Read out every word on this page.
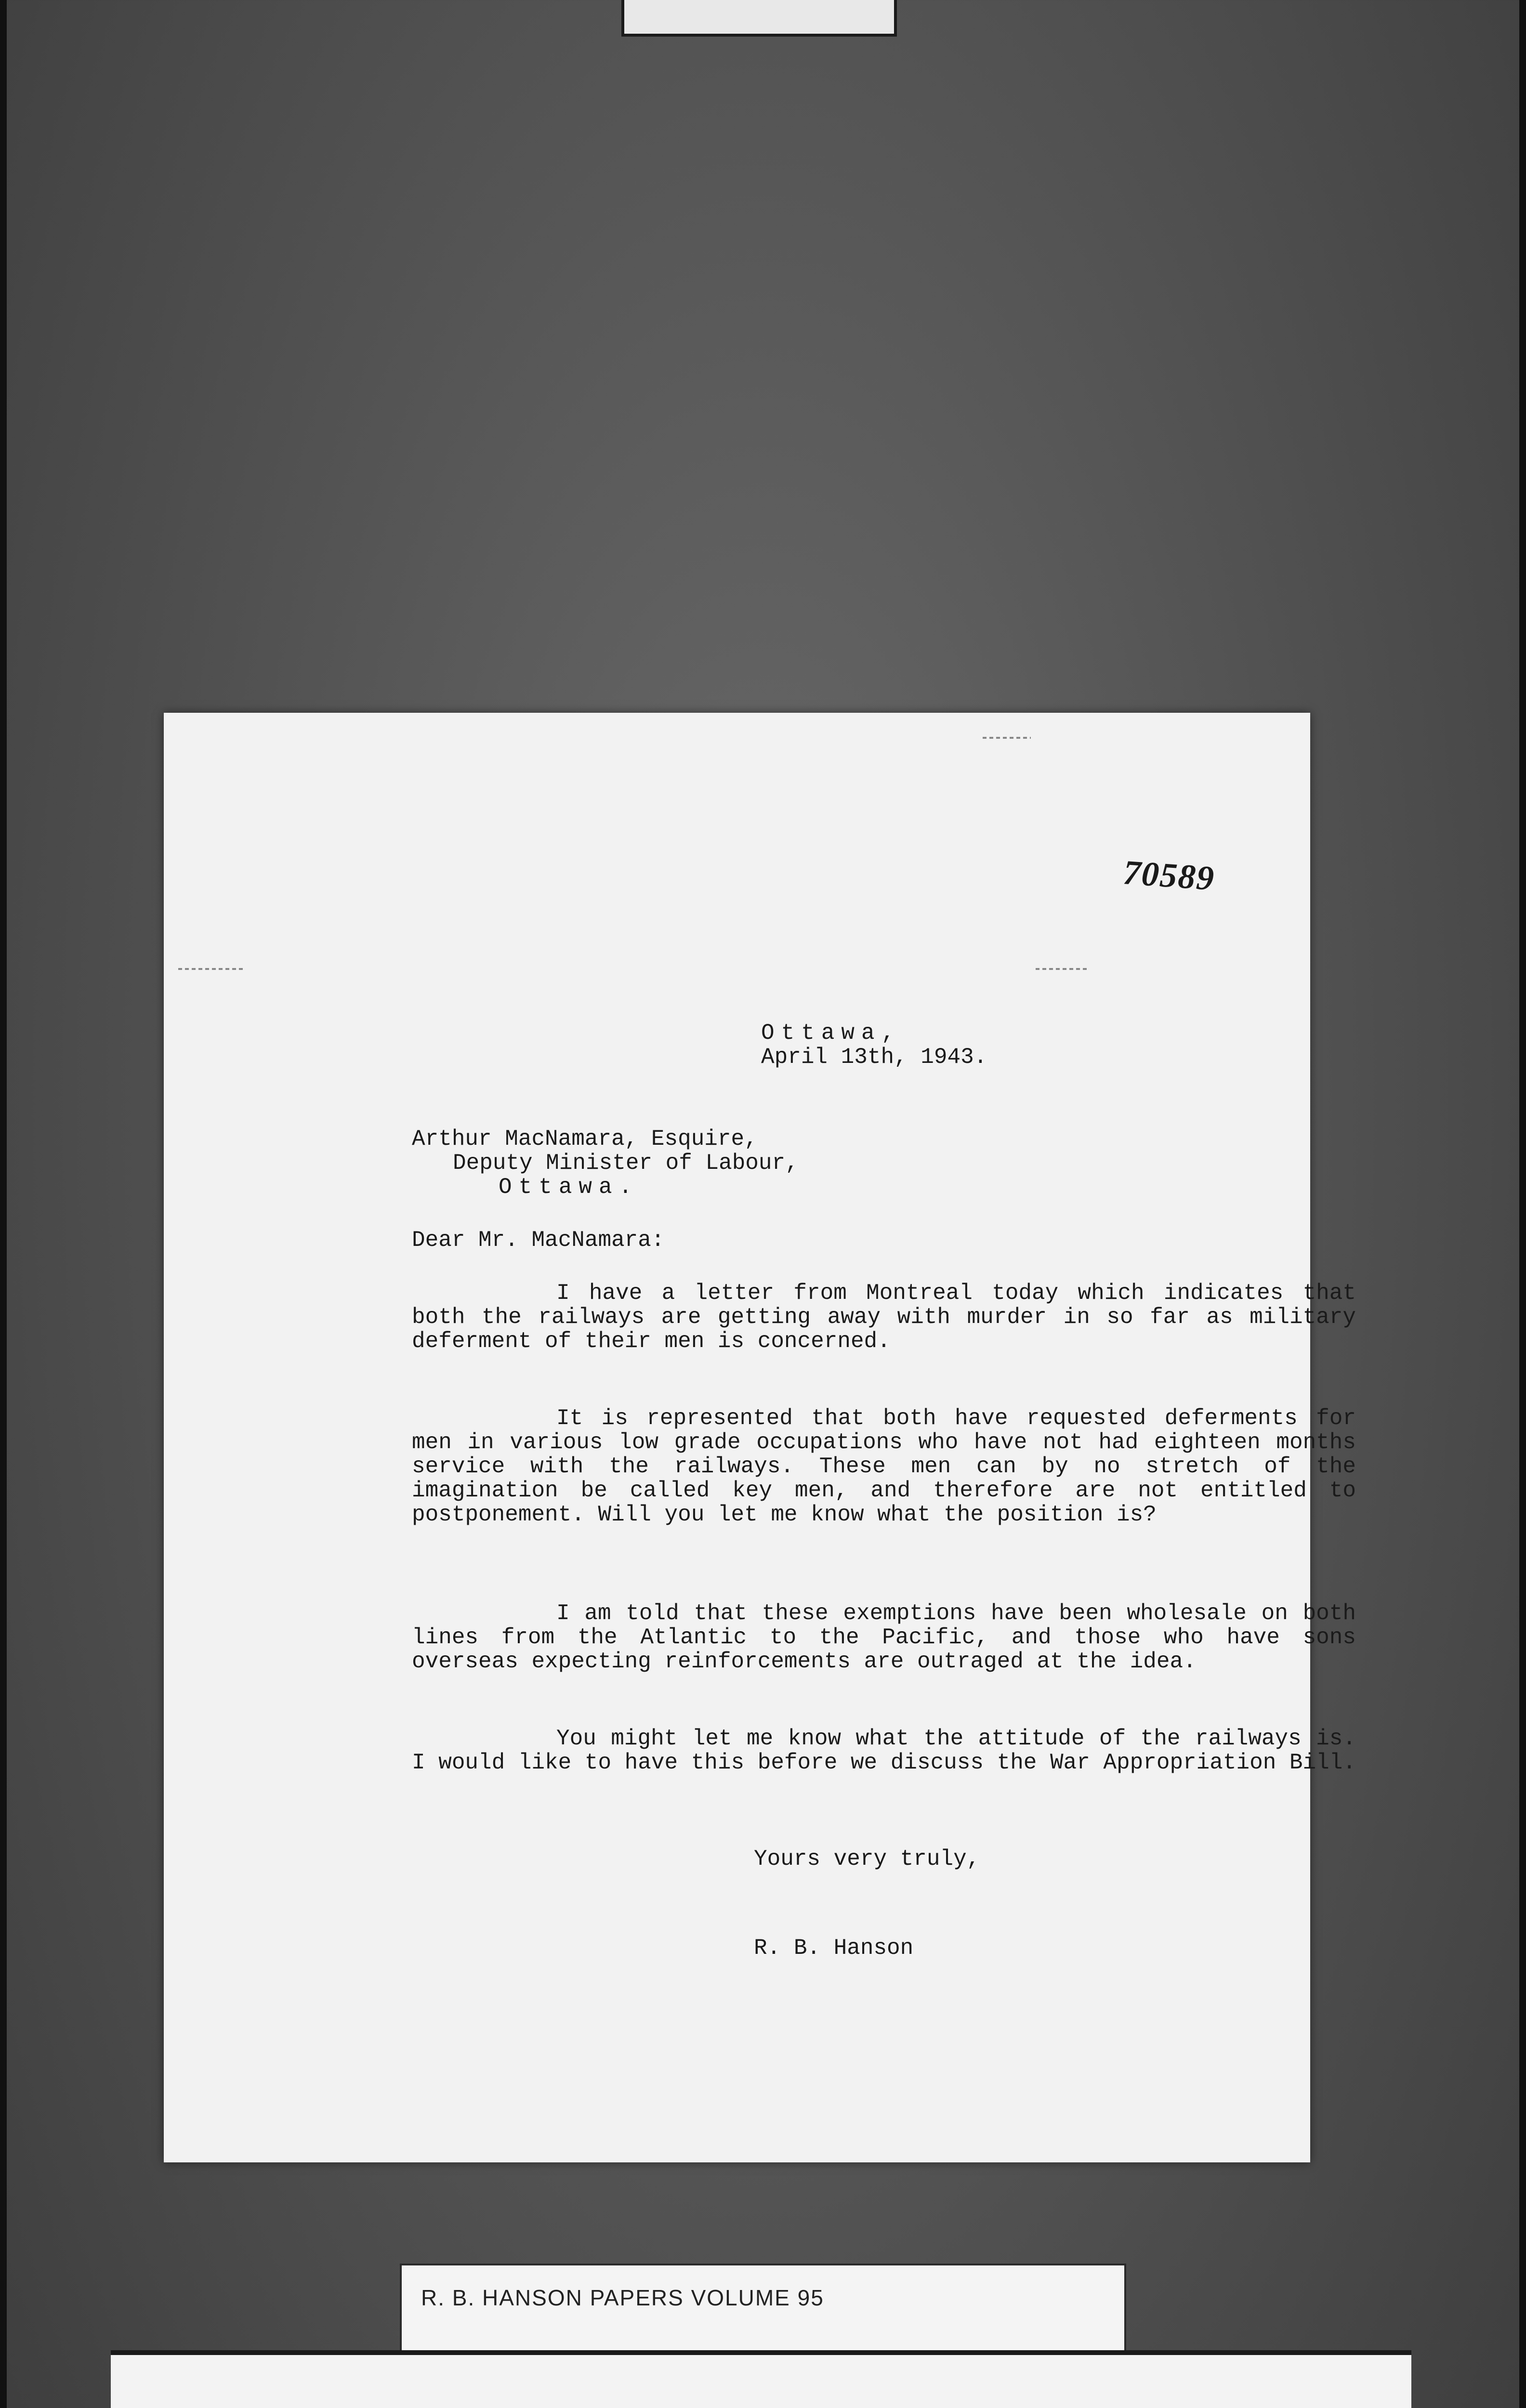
70589
Ottawa,
April 13th, 1943.
Arthur MacNamara, Esquire,
Deputy Minister of Labour,
Ottawa.
Dear Mr. MacNamara:

I have a letter from Montreal today which indicates that both the railways are getting away with murder in so far as military deferment of their men is concerned.

It is represented that both have requested deferments for men in various low grade occupations who have not had eighteen months service with the railways. These men can by no stretch of the imagination be called key men, and therefore are not entitled to postponement. Will you let me know what the position is?

I am told that these exemptions have been wholesale on both lines from the Atlantic to the Pacific, and those who have sons overseas expecting reinforcements are outraged at the idea.

You might let me know what the attitude of the railways is. I would like to have this before we discuss the War Appropriation Bill.

Yours very truly,
R. B. Hanson
R. B. HANSON PAPERS VOLUME 95
